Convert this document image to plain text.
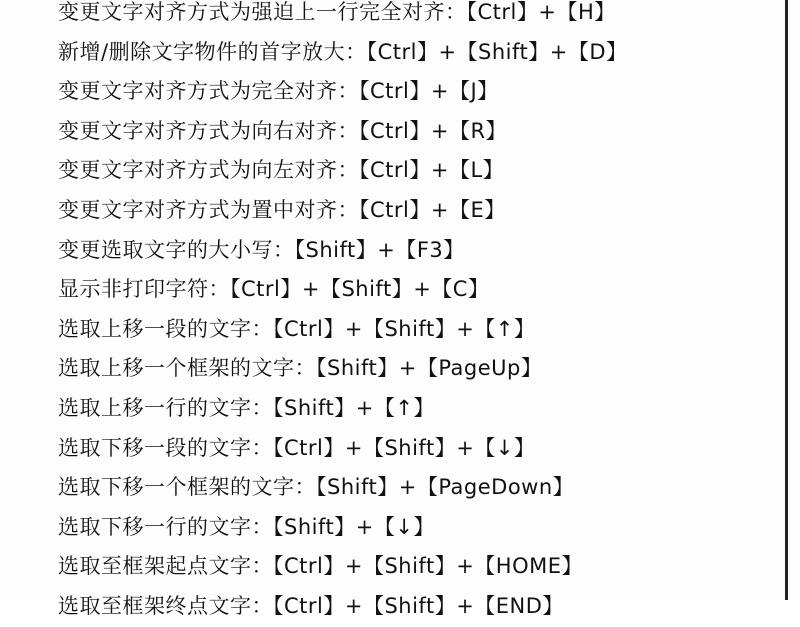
变更文字对齐方式为强迫上一行完全对齐：【Ctrl】+【H】
新增/删除文字物件的首字放大：【Ctrl】+【Shift】+【D】
变更文字对齐方式为完全对齐：【Ctrl】+【J】
变更文字对齐方式为向右对齐：【Ctrl】+【R】
变更文字对齐方式为向左对齐：【Ctrl】+【L】
变更文字对齐方式为置中对齐：【Ctrl】+【E】
变更选取文字的大小写：【Shift】+【F3】
显示非打印字符：【Ctrl】+【Shift】+【C】
选取上移一段的文字：【Ctrl】+【Shift】+【↑】
选取上移一个框架的文字：【Shift】+【PageUp】
选取上移一行的文字：【Shift】+【↑】
选取下移一段的文字：【Ctrl】+【Shift】+【↓】
选取下移一个框架的文字：【Shift】+【PageDown】
选取下移一行的文字：【Shift】+【↓】
选取至框架起点文字：【Ctrl】+【Shift】+【HOME】
选取至框架终点文字：【Ctrl】+【Shift】+【END】
